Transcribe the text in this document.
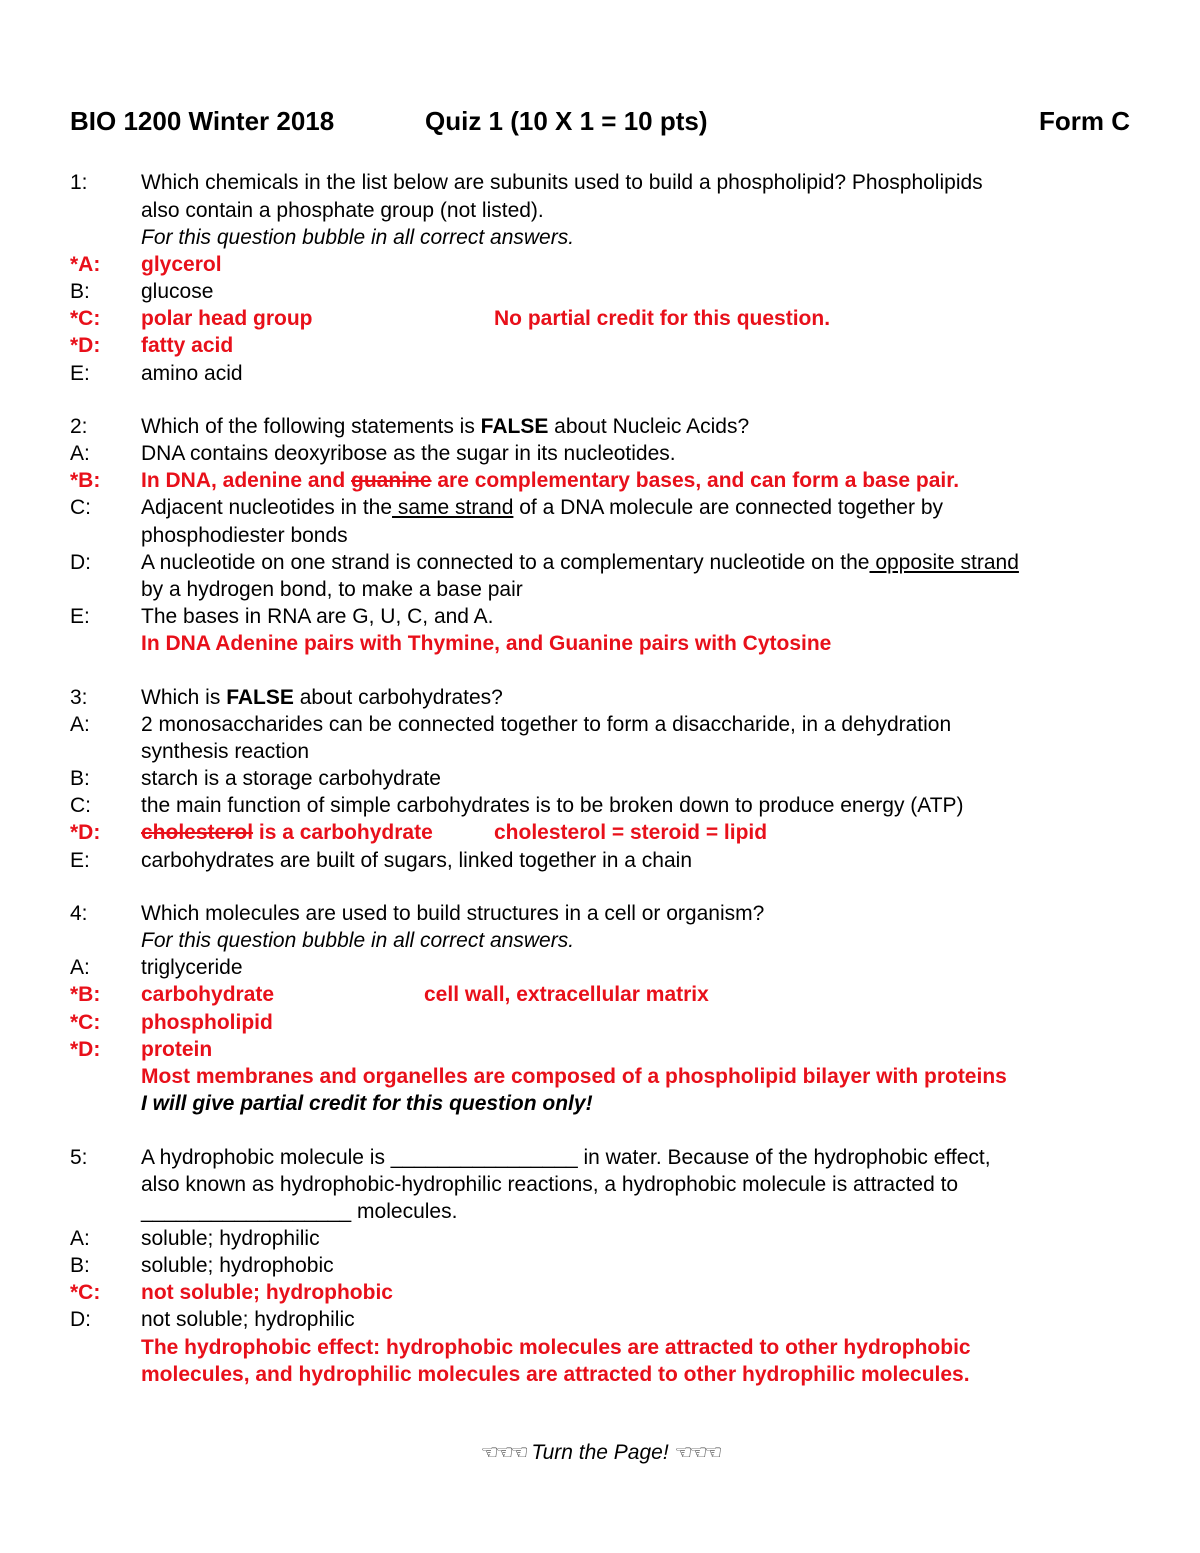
BIO 1200 Winter 2018	Quiz 1 (10 X 1 = 10 pts)	Form C
1:	Which chemicals in the list below are subunits used to build a phospholipid? Phospholipids
also contain a phosphate group (not listed).
For this question bubble in all correct answers.
*A: glycerol
B: glucose
*C: polar head group	No partial credit for this question.
*D: fatty acid
E: amino acid
2:	Which of the following statements is FALSE about Nucleic Acids?
A: DNA contains deoxyribose as the sugar in its nucleotides.
*B: In DNA, adenine and guanine are complementary bases, and can form a base pair.
C: Adjacent nucleotides in the same strand of a DNA molecule are connected together by
phosphodiester bonds
D: A nucleotide on one strand is connected to a complementary nucleotide on the opposite strand
by a hydrogen bond, to make a base pair
E: The bases in RNA are G, U, C, and A.
In DNA Adenine pairs with Thymine, and Guanine pairs with Cytosine
3:	Which is FALSE about carbohydrates?
A: 2 monosaccharides can be connected together to form a disaccharide, in a dehydration
synthesis reaction
B: starch is a storage carbohydrate
C: the main function of simple carbohydrates is to be broken down to produce energy (ATP)
*D: cholesterol is a carbohydrate	cholesterol = steroid = lipid
E: carbohydrates are built of sugars, linked together in a chain
4:	Which molecules are used to build structures in a cell or organism?
For this question bubble in all correct answers.
A: triglyceride
*B: carbohydrate	cell wall, extracellular matrix
*C: phospholipid
*D: protein
Most membranes and organelles are composed of a phospholipid bilayer with proteins
I will give partial credit for this question only!
5:	A hydrophobic molecule is ________________ in water. Because of the hydrophobic effect,
also known as hydrophobic-hydrophilic reactions, a hydrophobic molecule is attracted to
__________________ molecules.
A: soluble; hydrophilic
B: soluble; hydrophobic
*C: not soluble; hydrophobic
D: not soluble; hydrophilic
The hydrophobic effect: hydrophobic molecules are attracted to other hydrophobic
molecules, and hydrophilic molecules are attracted to other hydrophilic molecules.
☜☜☜ Turn the Page! ☜☜☜
